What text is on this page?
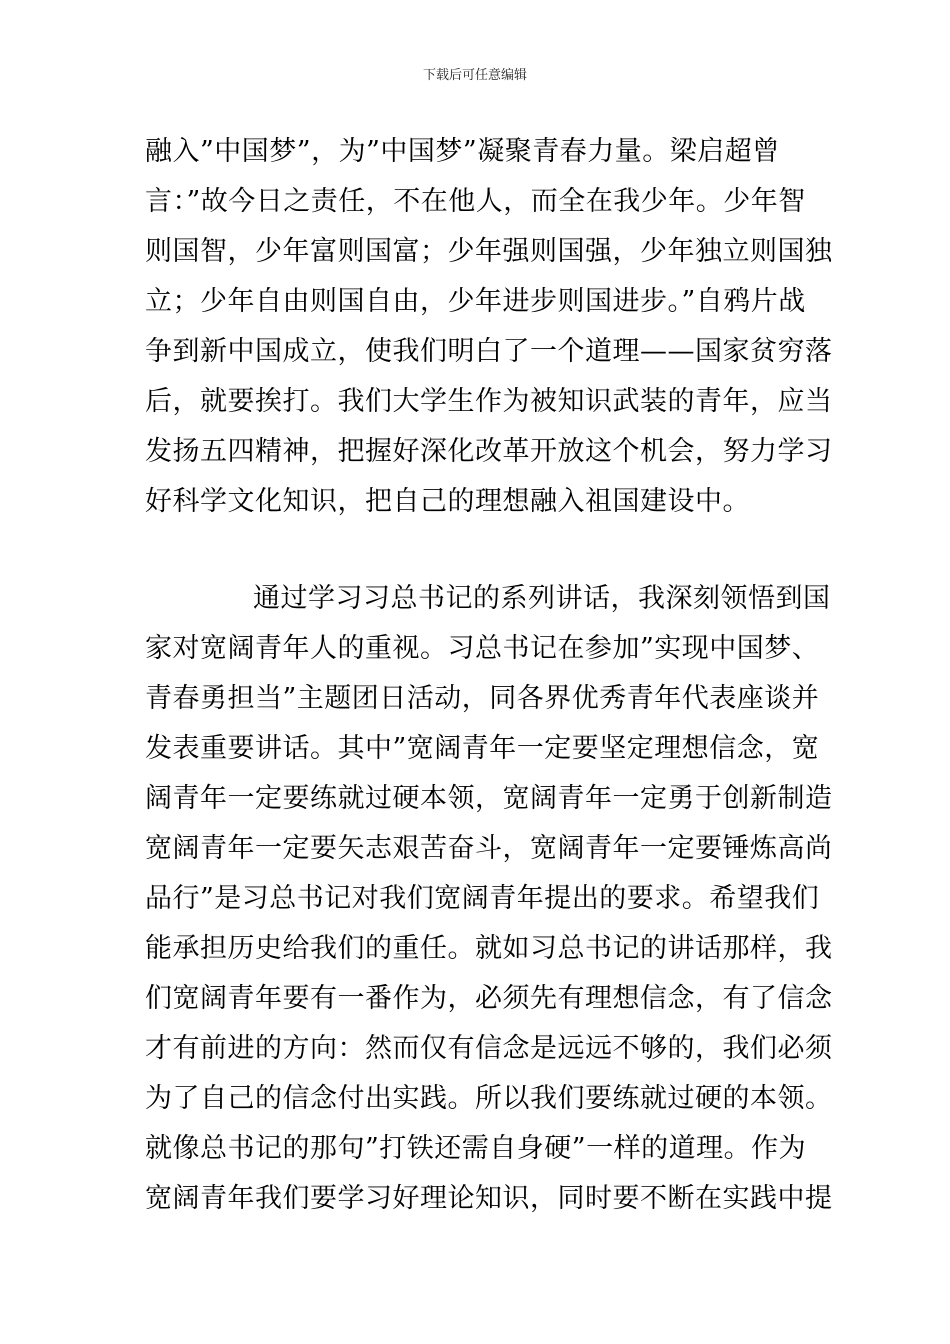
下载后可任意编辑
融入”中国梦”，为”中国梦”凝聚青春力量。梁启超曾
言：”故今日之责任，不在他人，而全在我少年。少年智
则国智，少年富则国富；少年强则国强，少年独立则国独
立；少年自由则国自由，少年进步则国进步。”自鸦片战
争到新中国成立，使我们明白了一个道理——国家贫穷落
后，就要挨打。我们大学生作为被知识武装的青年，应当
发扬五四精神，把握好深化改革开放这个机会，努力学习
好科学文化知识，把自己的理想融入祖国建设中。
通过学习习总书记的系列讲话，我深刻领悟到国
家对宽阔青年人的重视。习总书记在参加”实现中国梦、
青春勇担当”主题团日活动，同各界优秀青年代表座谈并
发表重要讲话。其中”宽阔青年一定要坚定理想信念，宽
阔青年一定要练就过硬本领，宽阔青年一定勇于创新制造
宽阔青年一定要矢志艰苦奋斗，宽阔青年一定要锤炼高尚
品行”是习总书记对我们宽阔青年提出的要求。希望我们
能承担历史给我们的重任。就如习总书记的讲话那样，我
们宽阔青年要有一番作为，必须先有理想信念，有了信念
才有前进的方向：然而仅有信念是远远不够的，我们必须
为了自己的信念付出实践。所以我们要练就过硬的本领。
就像总书记的那句”打铁还需自身硬”一样的道理。作为
宽阔青年我们要学习好理论知识，同时要不断在实践中提
